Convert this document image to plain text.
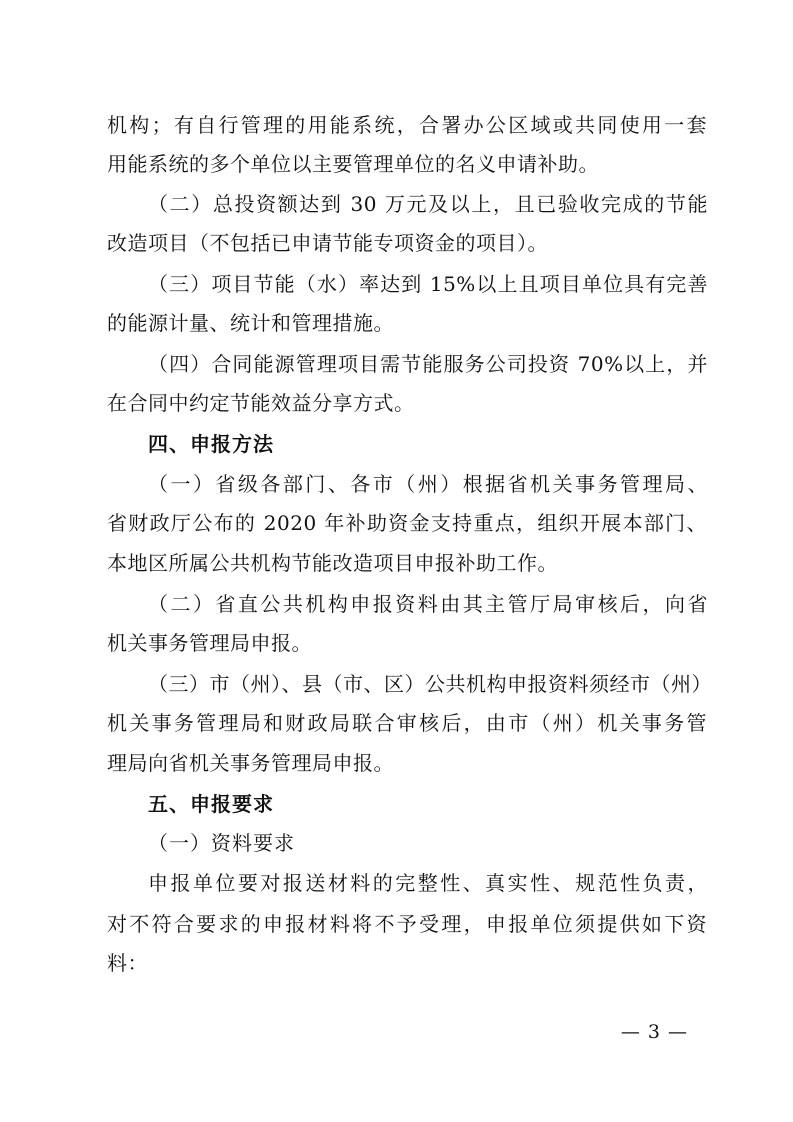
机构；有自行管理的用能系统，合署办公区域或共同使用一套
用能系统的多个单位以主要管理单位的名义申请补助。
（二）总投资额达到 30 万元及以上，且已验收完成的节能
改造项目（不包括已申请节能专项资金的项目）。
（三）项目节能（水）率达到 15%以上且项目单位具有完善
的能源计量、统计和管理措施。
（四）合同能源管理项目需节能服务公司投资 70%以上，并
在合同中约定节能效益分享方式。
四、申报方法
（一）省级各部门、各市（州）根据省机关事务管理局、
省财政厅公布的 2020 年补助资金支持重点，组织开展本部门、
本地区所属公共机构节能改造项目申报补助工作。
（二）省直公共机构申报资料由其主管厅局审核后，向省
机关事务管理局申报。
（三）市（州）、县（市、区）公共机构申报资料须经市（州）
机关事务管理局和财政局联合审核后，由市（州）机关事务管
理局向省机关事务管理局申报。
五、申报要求
（一）资料要求
申报单位要对报送材料的完整性、真实性、规范性负责，
对不符合要求的申报材料将不予受理，申报单位须提供如下资
料：
— 3 —
